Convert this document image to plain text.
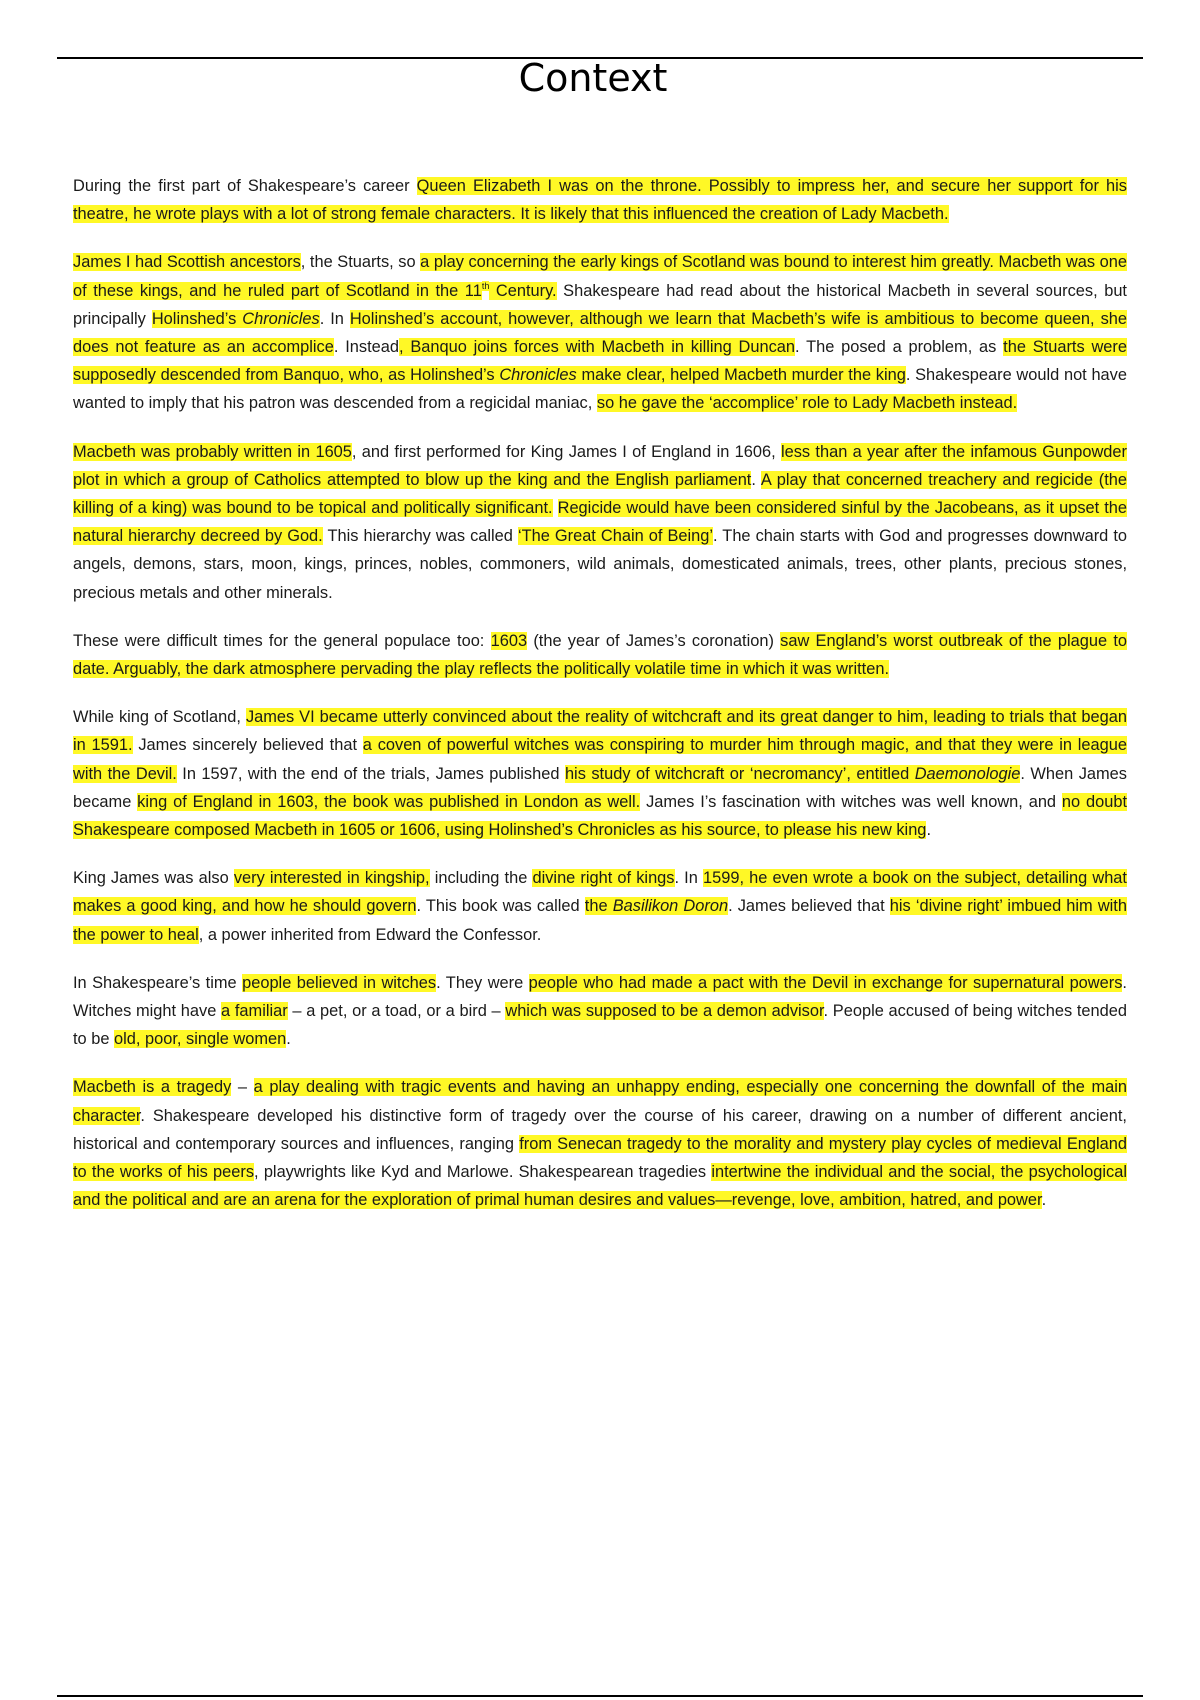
Context

During the first part of Shakespeare’s career Queen Elizabeth I was on the throne. Possibly to impress her, and secure her support for his theatre, he wrote plays with a lot of strong female characters. It is likely that this influenced the creation of Lady Macbeth.

James I had Scottish ancestors, the Stuarts, so a play concerning the early kings of Scotland was bound to interest him greatly. Macbeth was one of these kings, and he ruled part of Scotland in the 11th Century. Shakespeare had read about the historical Macbeth in several sources, but principally Holinshed’s Chronicles. In Holinshed’s account, however, although we learn that Macbeth’s wife is ambitious to become queen, she does not feature as an accomplice. Instead, Banquo joins forces with Macbeth in killing Duncan. The posed a problem, as the Stuarts were supposedly descended from Banquo, who, as Holinshed’s Chronicles make clear, helped Macbeth murder the king. Shakespeare would not have wanted to imply that his patron was descended from a regicidal maniac, so he gave the ‘accomplice’ role to Lady Macbeth instead.

Macbeth was probably written in 1605, and first performed for King James I of England in 1606, less than a year after the infamous Gunpowder plot in which a group of Catholics attempted to blow up the king and the English parliament. A play that concerned treachery and regicide (the killing of a king) was bound to be topical and politically significant. Regicide would have been considered sinful by the Jacobeans, as it upset the natural hierarchy decreed by God. This hierarchy was called ‘The Great Chain of Being’. The chain starts with God and progresses downward to angels, demons, stars, moon, kings, princes, nobles, commoners, wild animals, domesticated animals, trees, other plants, precious stones, precious metals and other minerals.

These were difficult times for the general populace too: 1603 (the year of James’s coronation) saw England’s worst outbreak of the plague to date. Arguably, the dark atmosphere pervading the play reflects the politically volatile time in which it was written.

While king of Scotland, James VI became utterly convinced about the reality of witchcraft and its great danger to him, leading to trials that began in 1591. James sincerely believed that a coven of powerful witches was conspiring to murder him through magic, and that they were in league with the Devil. In 1597, with the end of the trials, James published his study of witchcraft or ‘necromancy’, entitled Daemonologie. When James became king of England in 1603, the book was published in London as well. James I’s fascination with witches was well known, and no doubt Shakespeare composed Macbeth in 1605 or 1606, using Holinshed’s Chronicles as his source, to please his new king.

King James was also very interested in kingship, including the divine right of kings. In 1599, he even wrote a book on the subject, detailing what makes a good king, and how he should govern. This book was called the Basilikon Doron. James believed that his ‘divine right’ imbued him with the power to heal, a power inherited from Edward the Confessor.

In Shakespeare’s time people believed in witches. They were people who had made a pact with the Devil in exchange for supernatural powers. Witches might have a familiar – a pet, or a toad, or a bird – which was supposed to be a demon advisor. People accused of being witches tended to be old, poor, single women.

Macbeth is a tragedy – a play dealing with tragic events and having an unhappy ending, especially one concerning the downfall of the main character. Shakespeare developed his distinctive form of tragedy over the course of his career, drawing on a number of different ancient, historical and contemporary sources and influences, ranging from Senecan tragedy to the morality and mystery play cycles of medieval England to the works of his peers, playwrights like Kyd and Marlowe. Shakespearean tragedies intertwine the individual and the social, the psychological and the political and are an arena for the exploration of primal human desires and values—revenge, love, ambition, hatred, and power.
